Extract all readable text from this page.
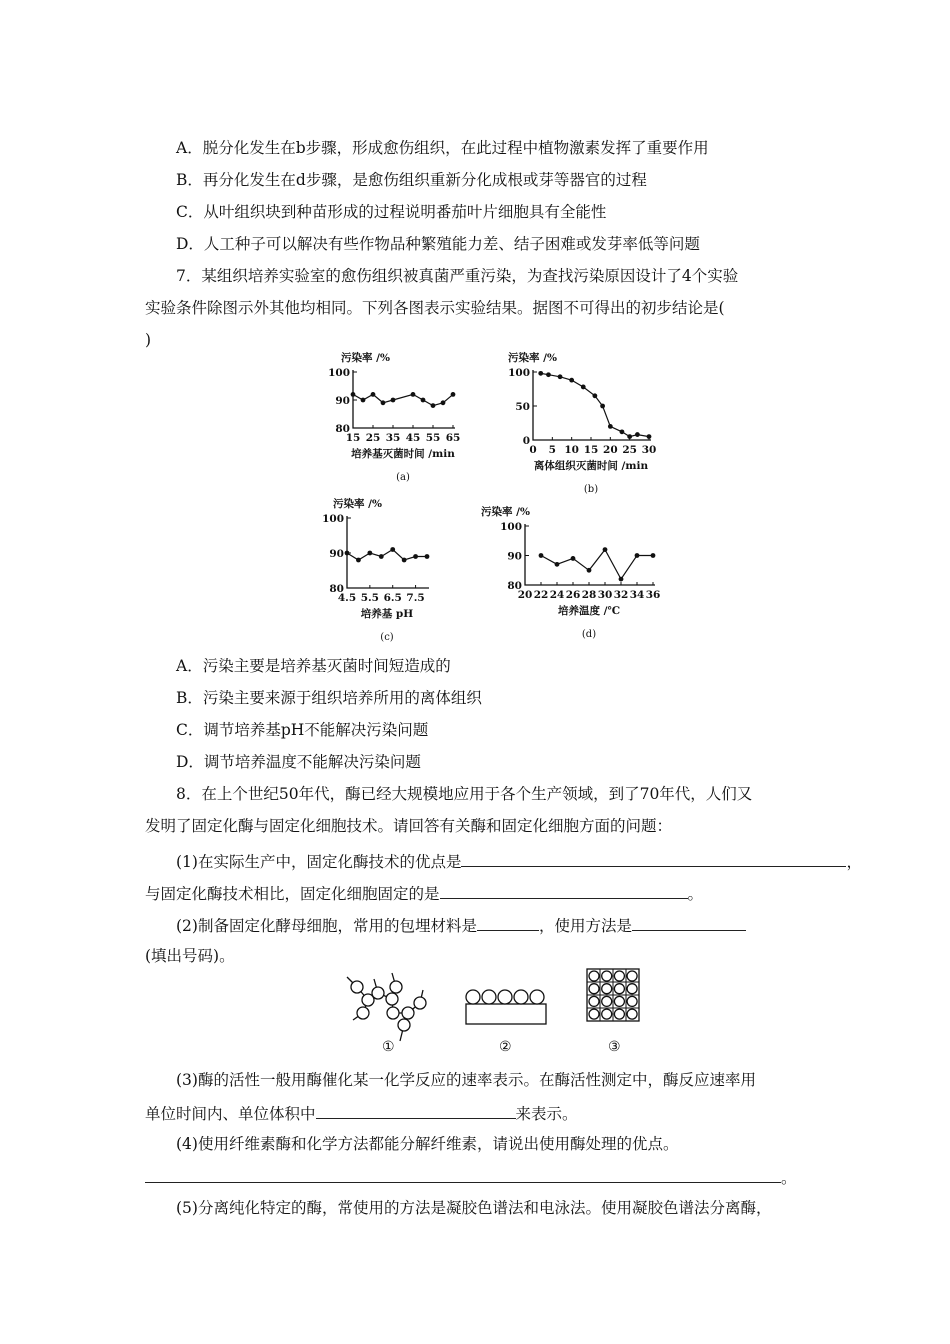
A．脱分化发生在b步骤，形成愈伤组织，在此过程中植物激素发挥了重要作用
B．再分化发生在d步骤，是愈伤组织重新分化成根或芽等器官的过程
C．从叶组织块到种苗形成的过程说明番茄叶片细胞具有全能性
D．人工种子可以解决有些作物品种繁殖能力差、结子困难或发芽率低等问题
7．某组织培养实验室的愈伤组织被真菌严重污染，为查找污染原因设计了4个实验
实验条件除图示外其他均相同。下列各图表示实验结果。据图不可得出的初步结论是(
)
污染率 /%
80
90
100
15 25 35 45 55 65
培养基灭菌时间 /min
(a)
污染率 /%
0
50
100
0 5 10 15 20 25 30
离体组织灭菌时间 /min
(b)
污染率 /%
80
90
100
4.5 5.5 6.5 7.5
培养基 pH
(c)
污染率 /%
80
90
100
20 22 24 26 28 30 32 34 36
培养温度 /℃
(d)
A．污染主要是培养基灭菌时间短造成的
B．污染主要来源于组织培养所用的离体组织
C．调节培养基pH不能解决污染问题
D．调节培养温度不能解决污染问题
8．在上个世纪50年代，酶已经大规模地应用于各个生产领域，到了70年代，人们又
发明了固定化酶与固定化细胞技术。请回答有关酶和固定化细胞方面的问题：
(1)在实际生产中，固定化酶技术的优点是	，
与固定化酶技术相比，固定化细胞固定的是	。
(2)制备固定化酵母细胞，常用的包埋材料是	，使用方法是
(填出号码)。
①	②	③
(3)酶的活性一般用酶催化某一化学反应的速率表示。在酶活性测定中，酶反应速率用
单位时间内、单位体积中	来表示。
(4)使用纤维素酶和化学方法都能分解纤维素，请说出使用酶处理的优点。
。
(5)分离纯化特定的酶，常使用的方法是凝胶色谱法和电泳法。使用凝胶色谱法分离酶，
